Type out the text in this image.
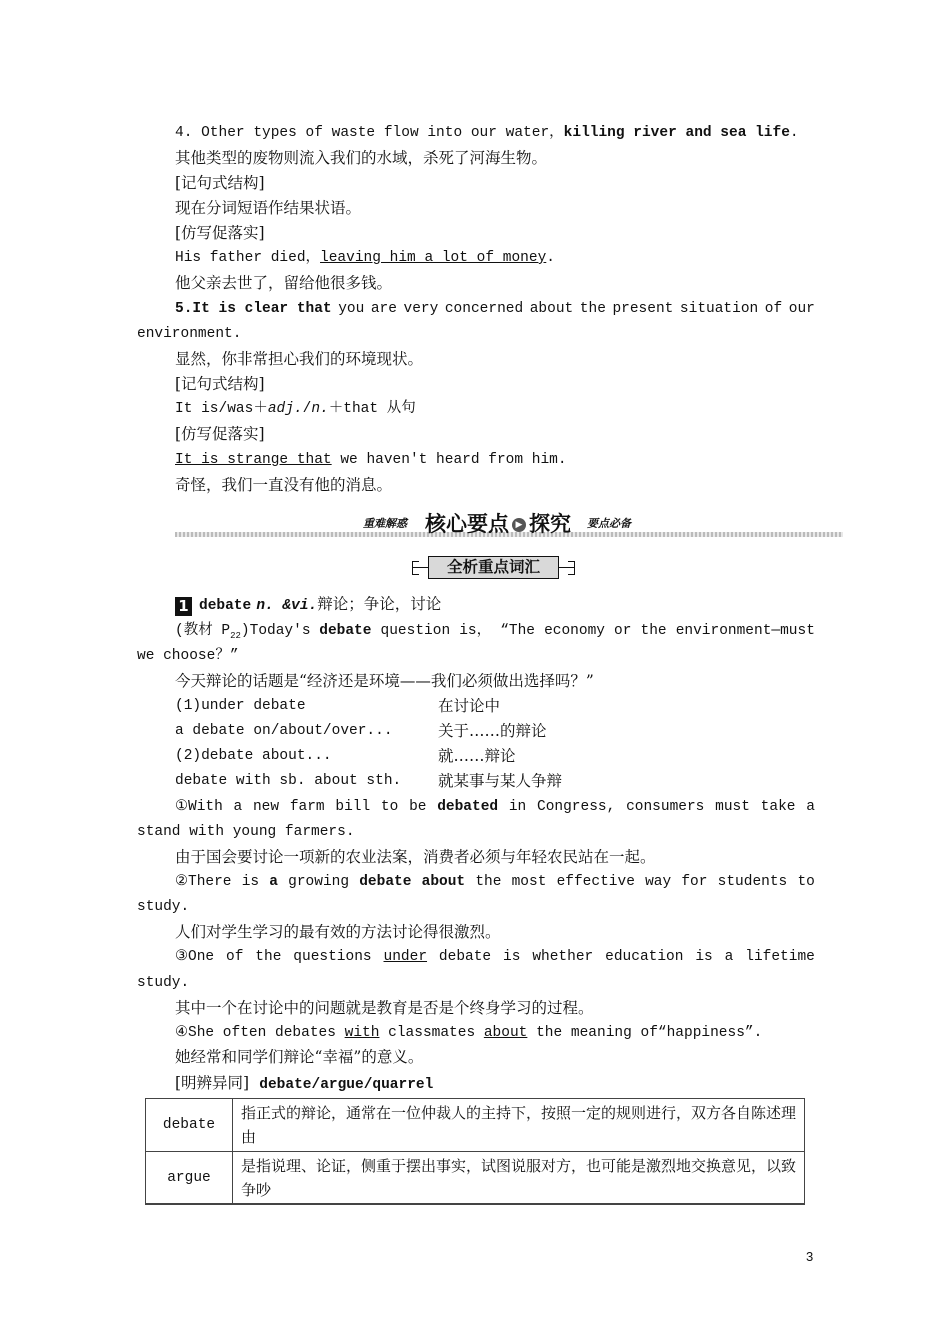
4. Other types of waste flow into our water，killing river and sea life.
其他类型的废物则流入我们的水域，杀死了河海生物。
[记句式结构]
现在分词短语作结果状语。
[仿写促落实]
His father died，leaving him a lot of money.
他父亲去世了，留给他很多钱。
5.It is clear that you are very concerned about the present situation of our
environment.
显然，你非常担心我们的环境现状。
[记句式结构]
It is/was＋adj./n.＋that 从句
[仿写促落实]
It is strange that we haven't heard from him.
奇怪，我们一直没有他的消息。
重难解惑 核心要点 ▶ 探究 要点必备
全析重点词汇
1 debate n. &vi.辩论；争论，讨论
(教材 $P_{22})Today's$ debate question is， “The economy or the environment—must
we choose？”
今天辩论的话题是“经济还是环境——我们必须做出选择吗？”
(1)under debate	在讨论中
a debate on/about/over...	关于……的辩论
(2)debate about...	就……辩论
debate with sb. about sth. 就某事与某人争辩
①With a new farm bill to be debated in Congress, consumers must take a
stand with young farmers.
由于国会要讨论一项新的农业法案，消费者必须与年轻农民站在一起。
②There is a growing debate about the most effective way for students to
study.
人们对学生学习的最有效的方法讨论得很激烈。
③One of the questions under debate is whether education is a lifetime
study.
其中一个在讨论中的问题就是教育是否是个终身学习的过程。
④She often debates with classmates about the meaning of“happiness”.
她经常和同学们辩论“幸福”的意义。
[明辨异同] debate/argue/quarrel
debate	指正式的辩论，通常在一位仲裁人的主持下，按照一定的规则进行，双方各自陈述理由
argue	是指说理、论证，侧重于摆出事实，试图说服对方，也可能是激烈地交换意见，以致争吵
3
